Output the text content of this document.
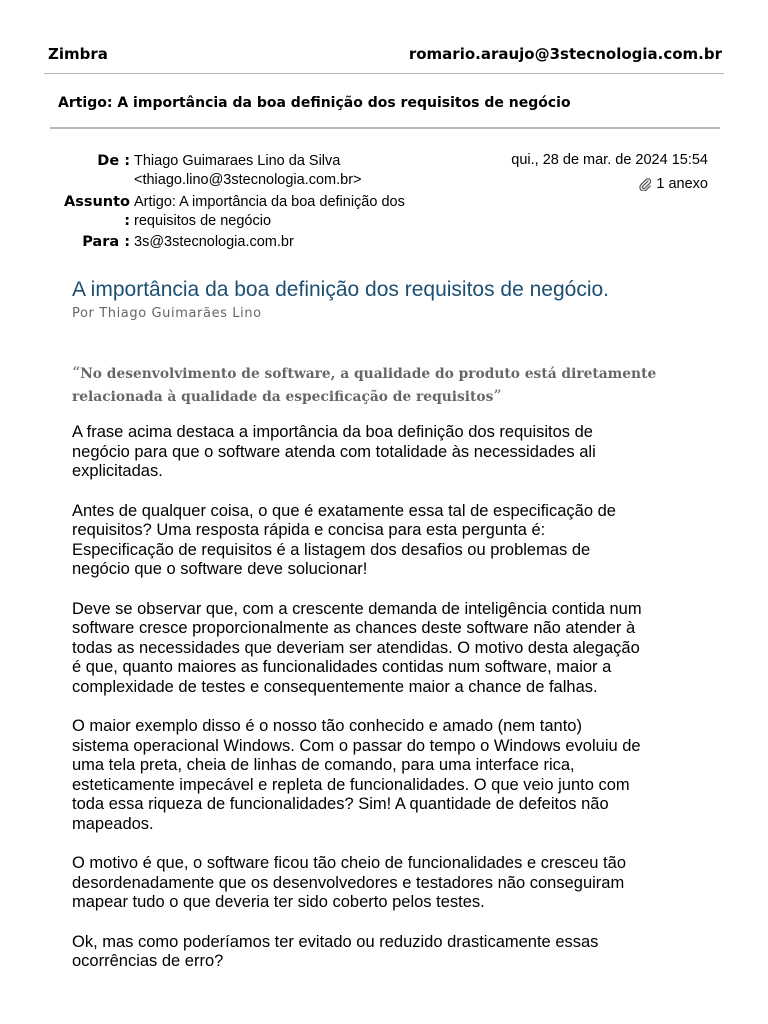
Zimbra	romario.araujo@3stecnologia.com.br
Artigo: A importância da boa definição dos requisitos de negócio
De : Thiago Guimaraes Lino da Silva
<thiago.lino@3stecnologia.com.br>
Assunto :
Artigo: A importância da boa definição dos
requisitos de negócio
Para : 3s@3stecnologia.com.br
qui., 28 de mar. de 2024 15:54
1 anexo
A importância da boa definição dos requisitos de negócio.
Por Thiago Guimarães Lino
“No desenvolvimento de software, a qualidade do produto está diretamente
relacionada à qualidade da especificação de requisitos”
A frase acima destaca a importância da boa definição dos requisitos de
negócio para que o software atenda com totalidade às necessidades ali
explicitadas.
Antes de qualquer coisa, o que é exatamente essa tal de especificação de
requisitos? Uma resposta rápida e concisa para esta pergunta é:
Especificação de requisitos é a listagem dos desafios ou problemas de
negócio que o software deve solucionar!
Deve se observar que, com a crescente demanda de inteligência contida num
software cresce proporcionalmente as chances deste software não atender à
todas as necessidades que deveriam ser atendidas. O motivo desta alegação
é que, quanto maiores as funcionalidades contidas num software, maior a
complexidade de testes e consequentemente maior a chance de falhas.
O maior exemplo disso é o nosso tão conhecido e amado (nem tanto)
sistema operacional Windows. Com o passar do tempo o Windows evoluiu de
uma tela preta, cheia de linhas de comando, para uma interface rica,
esteticamente impecável e repleta de funcionalidades. O que veio junto com
toda essa riqueza de funcionalidades? Sim! A quantidade de defeitos não
mapeados.
O motivo é que, o software ficou tão cheio de funcionalidades e cresceu tão
desordenadamente que os desenvolvedores e testadores não conseguiram
mapear tudo o que deveria ter sido coberto pelos testes.
Ok, mas como poderíamos ter evitado ou reduzido drasticamente essas
ocorrências de erro?
